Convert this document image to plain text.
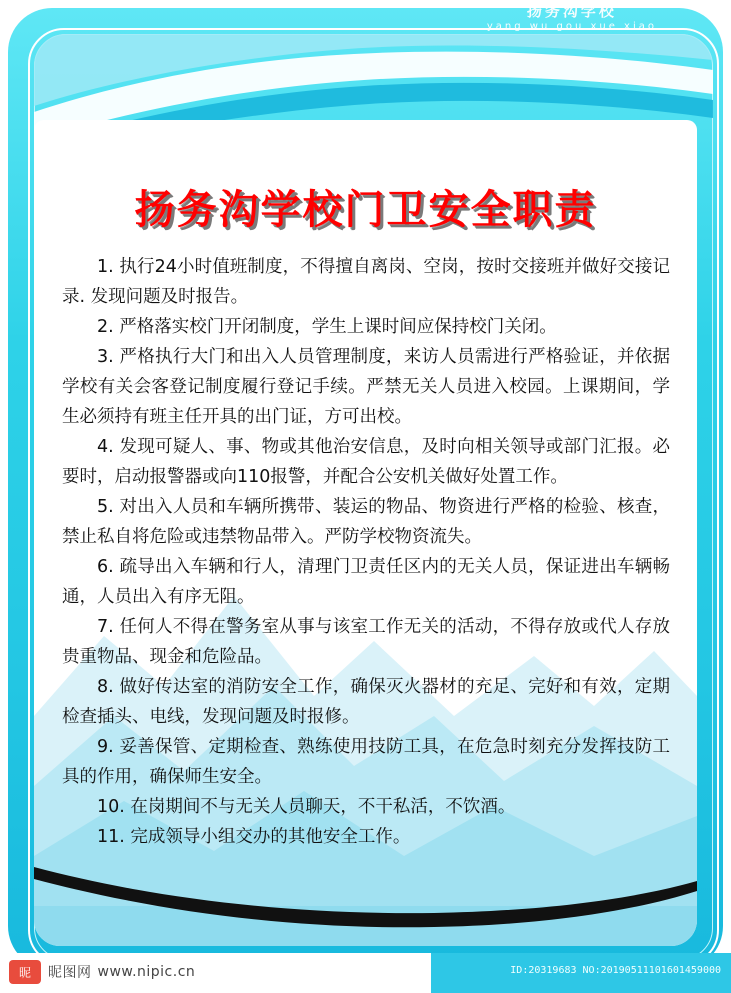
扬务沟学校门卫安全职责

1. 执行24小时值班制度，不得擅自离岗、空岗，按时交接班并做好交接记录. 发现问题及时报告。

2. 严格落实校门开闭制度，学生上课时间应保持校门关闭。

3. 严格执行大门和出入人员管理制度，来访人员需进行严格验证，并依据学校有关会客登记制度履行登记手续。严禁无关人员进入校园。上课期间，学生必须持有班主任开具的出门证，方可出校。

4. 发现可疑人、事、物或其他治安信息，及时向相关领导或部门汇报。必要时，启动报警器或向110报警，并配合公安机关做好处置工作。

5. 对出入人员和车辆所携带、装运的物品、物资进行严格的检验、核查，禁止私自将危险或违禁物品带入。严防学校物资流失。

6. 疏导出入车辆和行人，清理门卫责任区内的无关人员，保证进出车辆畅通，人员出入有序无阻。

7. 任何人不得在警务室从事与该室工作无关的活动，不得存放或代人存放贵重物品、现金和危险品。

8. 做好传达室的消防安全工作，确保灭火器材的充足、完好和有效，定期检查插头、电线，发现问题及时报修。

9. 妥善保管、定期检查、熟练使用技防工具，在危急时刻充分发挥技防工具的作用，确保师生安全。

10. 在岗期间不与无关人员聊天，不干私活，不饮酒。

11. 完成领导小组交办的其他安全工作。

扬务沟学校
yang wu gou xue xiao
ID:20319683 NO:20190511101601459000
昵 昵图网 www.nipic.cn
